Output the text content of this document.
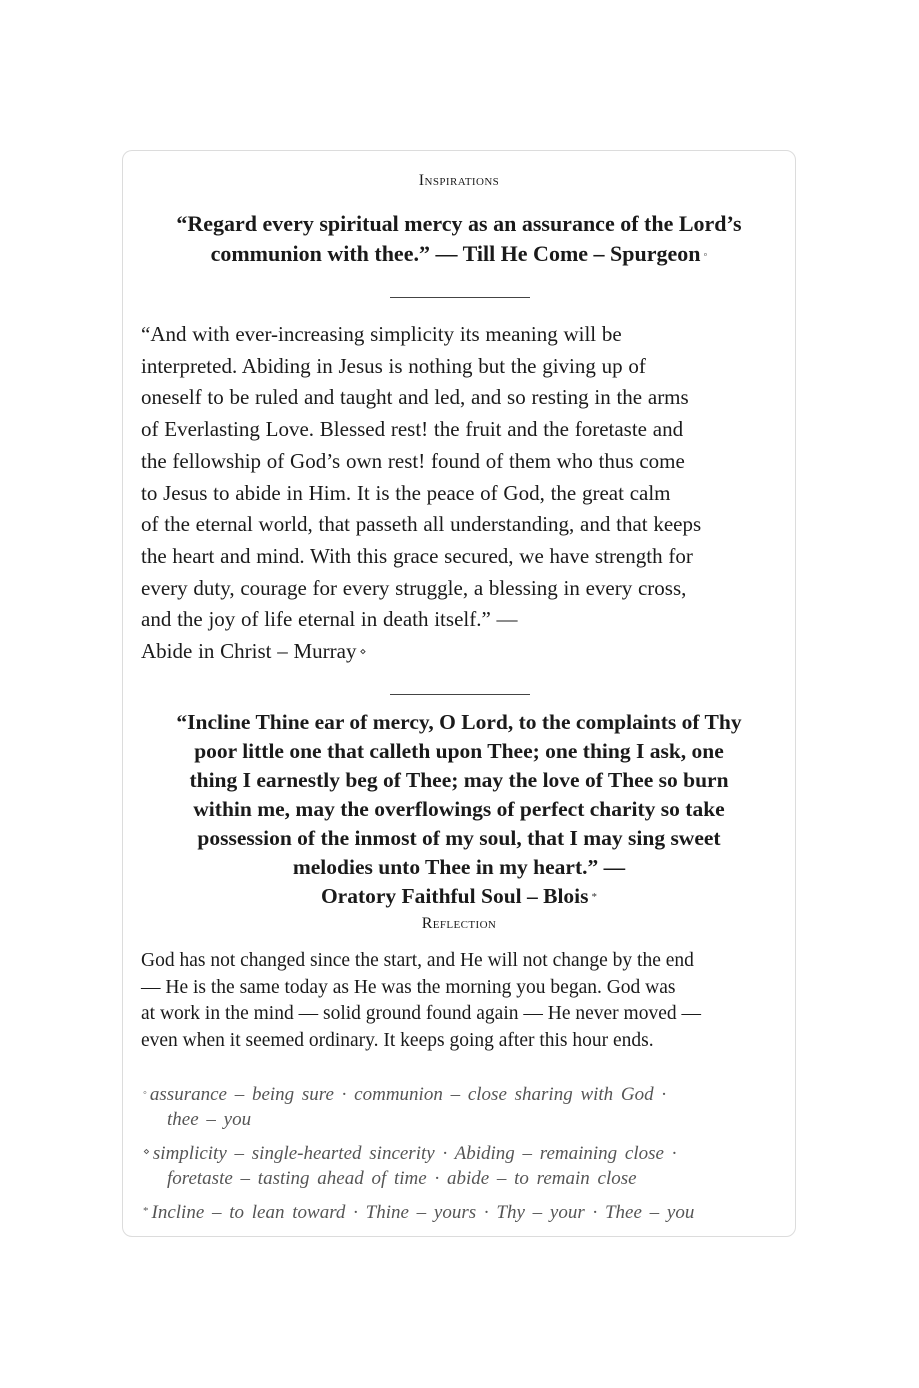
Inspirations
“Regard every spiritual mercy as an assurance of the Lord’s
communion with thee.” — Till He Come – Spurgeon ◦
“And with ever-increasing simplicity its meaning will be
interpreted. Abiding in Jesus is nothing but the giving up of
oneself to be ruled and taught and led, and so resting in the arms
of Everlasting Love. Blessed rest! the fruit and the foretaste and
the fellowship of God’s own rest! found of them who thus come
to Jesus to abide in Him. It is the peace of God, the great calm
of the eternal world, that passeth all understanding, and that keeps
the heart and mind. With this grace secured, we have strength for
every duty, courage for every struggle, a blessing in every cross,
and the joy of life eternal in death itself.” —
Abide in Christ – Murray ⋄
“Incline Thine ear of mercy, O Lord, to the complaints of Thy
poor little one that calleth upon Thee; one thing I ask, one
thing I earnestly beg of Thee; may the love of Thee so burn
within me, may the overflowings of perfect charity so take
possession of the inmost of my soul, that I may sing sweet
melodies unto Thee in my heart.” —
Oratory Faithful Soul – Blois *
Reflection
God has not changed since the start, and He will not change by the end
— He is the same today as He was the morning you began. God was
at work in the mind — solid ground found again — He never moved —
even when it seemed ordinary. It keeps going after this hour ends.
◦ assurance – being sure · communion – close sharing with God ·
thee – you
⋄ simplicity – single-hearted sincerity · Abiding – remaining close ·
foretaste – tasting ahead of time · abide – to remain close
* Incline – to lean toward · Thine – yours · Thy – your · Thee – you
